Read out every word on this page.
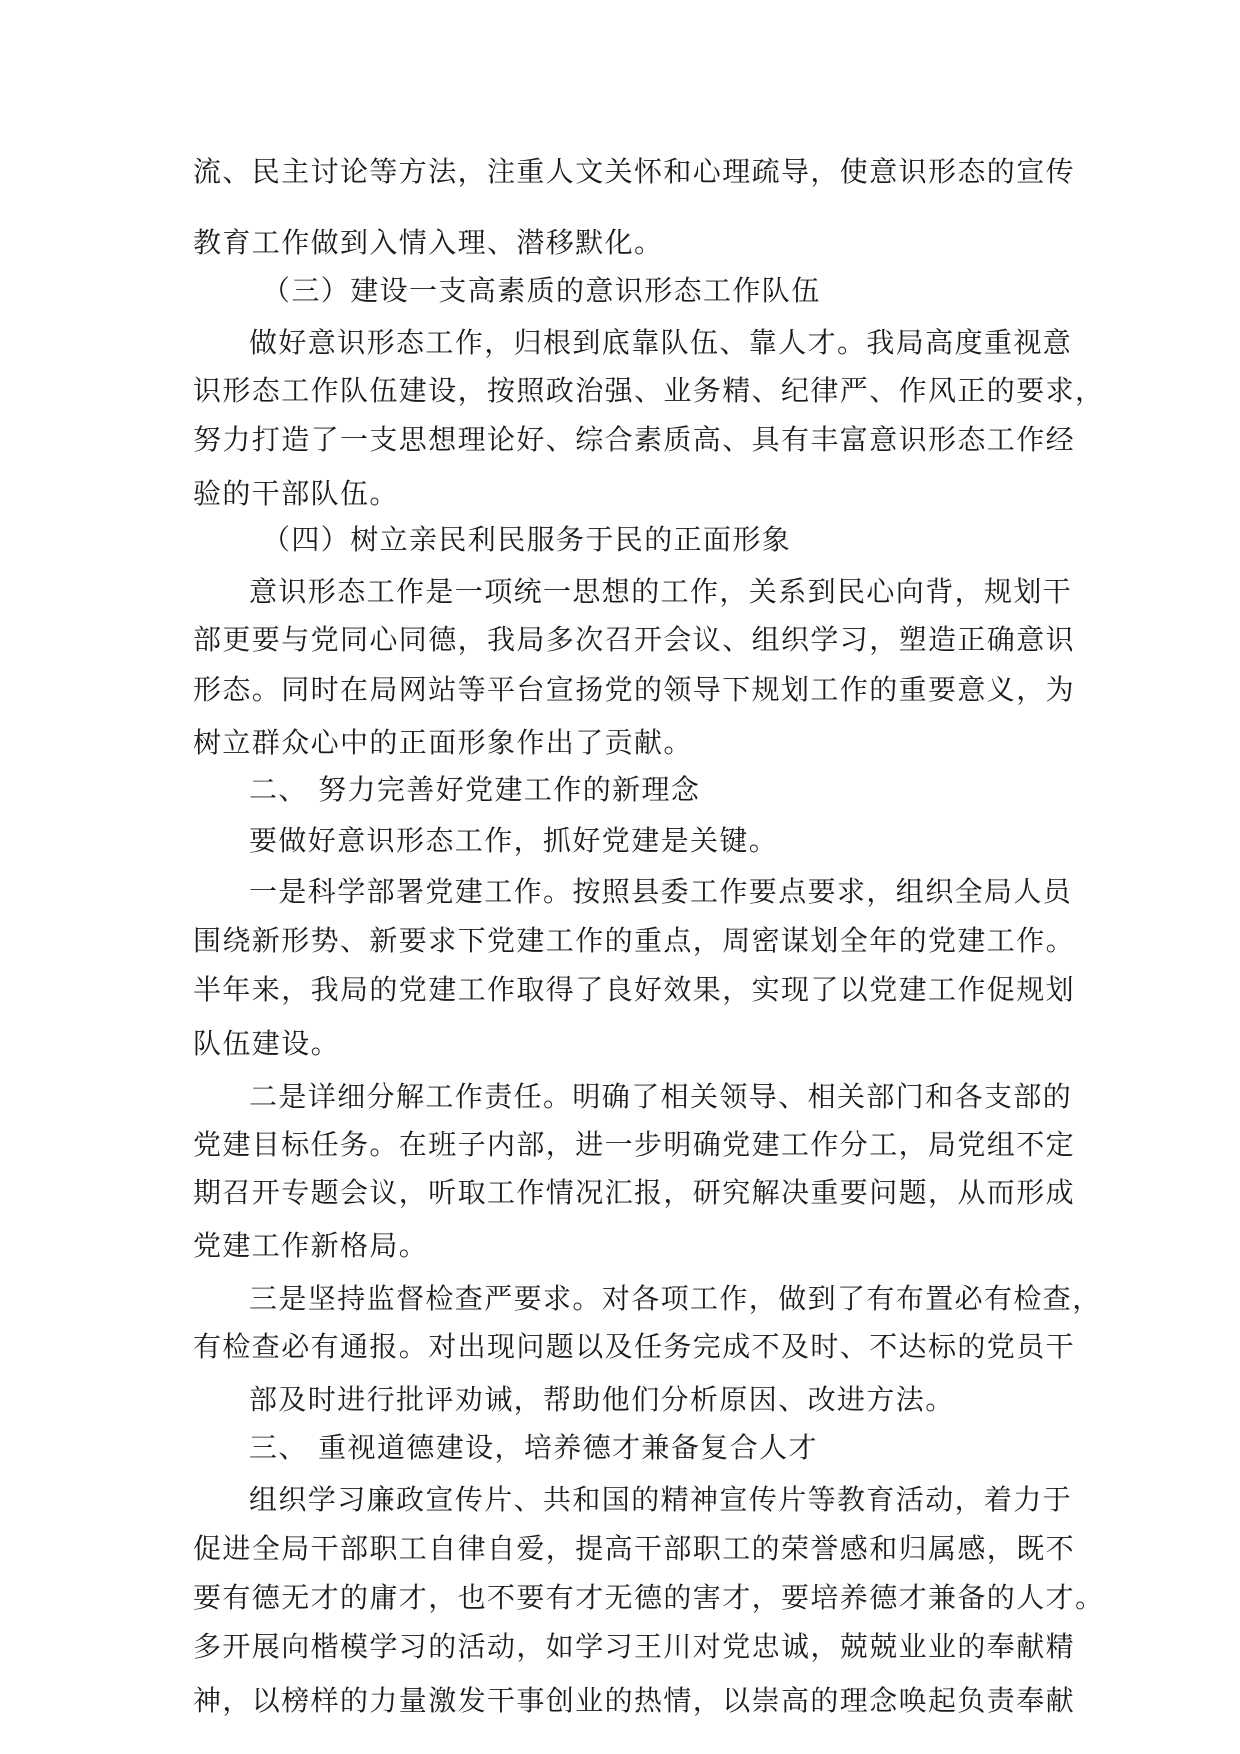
流、民主讨论等方法，注重人文关怀和心理疏导，使意识形态的宣传
教育工作做到入情入理、潜移默化。
（三）建设一支高素质的意识形态工作队伍
做好意识形态工作，归根到底靠队伍、靠人才。我局高度重视意
识形态工作队伍建设，按照政治强、业务精、纪律严、作风正的要求，
努力打造了一支思想理论好、综合素质高、具有丰富意识形态工作经
验的干部队伍。
（四）树立亲民利民服务于民的正面形象
意识形态工作是一项统一思想的工作，关系到民心向背，规划干
部更要与党同心同德，我局多次召开会议、组织学习，塑造正确意识
形态。同时在局网站等平台宣扬党的领导下规划工作的重要意义，为
树立群众心中的正面形象作出了贡献。
二、 努力完善好党建工作的新理念
要做好意识形态工作，抓好党建是关键。
一是科学部署党建工作。按照县委工作要点要求，组织全局人员
围绕新形势、新要求下党建工作的重点，周密谋划全年的党建工作。
半年来，我局的党建工作取得了良好效果，实现了以党建工作促规划
队伍建设。
二是详细分解工作责任。明确了相关领导、相关部门和各支部的
党建目标任务。在班子内部，进一步明确党建工作分工，局党组不定
期召开专题会议，听取工作情况汇报，研究解决重要问题，从而形成
党建工作新格局。
三是坚持监督检查严要求。对各项工作，做到了有布置必有检查，
有检查必有通报。对出现问题以及任务完成不及时、不达标的党员干
部及时进行批评劝诫，帮助他们分析原因、改进方法。
三、 重视道德建设，培养德才兼备复合人才
组织学习廉政宣传片、共和国的精神宣传片等教育活动，着力于
促进全局干部职工自律自爱，提高干部职工的荣誉感和归属感，既不
要有德无才的庸才，也不要有才无德的害才，要培养德才兼备的人才。
多开展向楷模学习的活动，如学习王川对党忠诚，兢兢业业的奉献精
神，以榜样的力量激发干事创业的热情，以崇高的理念唤起负责奉献
